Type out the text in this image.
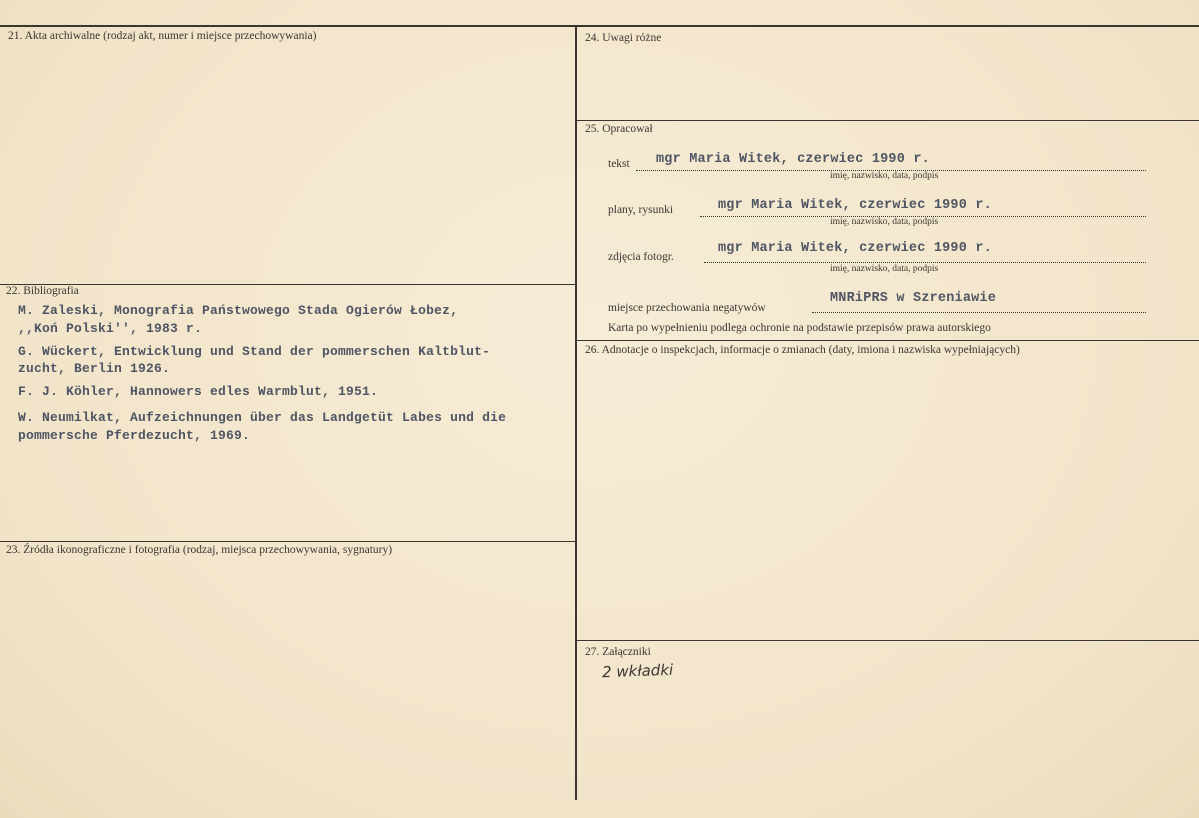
21. Akta archiwalne (rodzaj akt, numer i miejsce przechowywania)
22. Bibliografia
M. Zaleski, Monografia Państwowego Stada Ogierów Łobez,
,,Koń Polski'', 1983 r.
G. Wückert, Entwicklung und Stand der pommerschen Kaltblut-
zucht, Berlin 1926.
F. J. Köhler, Hannowers edles Warmblut, 1951.
W. Neumilkat, Aufzeichnungen über das Landgetüt Labes und die
pommersche Pferdezucht, 1969.
23. Źródła ikonograficzne i fotografia (rodzaj, miejsca przechowywania, sygnatury)
24. Uwagi różne
25. Opracował
tekst mgr Maria Witek, czerwiec 1990 r.
imię, nazwisko, data, podpis
plany, rysunki	mgr Maria Witek, czerwiec 1990 r.
imię, nazwisko, data, podpis
zdjęcia fotogr.
mgr Maria Witek, czerwiec 1990 r.
imię, nazwisko, data, podpis
miejsce przechowania negatywów
MNRiPRS w Szreniawie
Karta po wypełnieniu podlega ochronie na podstawie przepisów prawa autorskiego
26. Adnotacje o inspekcjach, informacje o zmianach (daty, imiona i nazwiska wypełniających)
27. Załączniki
2 wkładki
